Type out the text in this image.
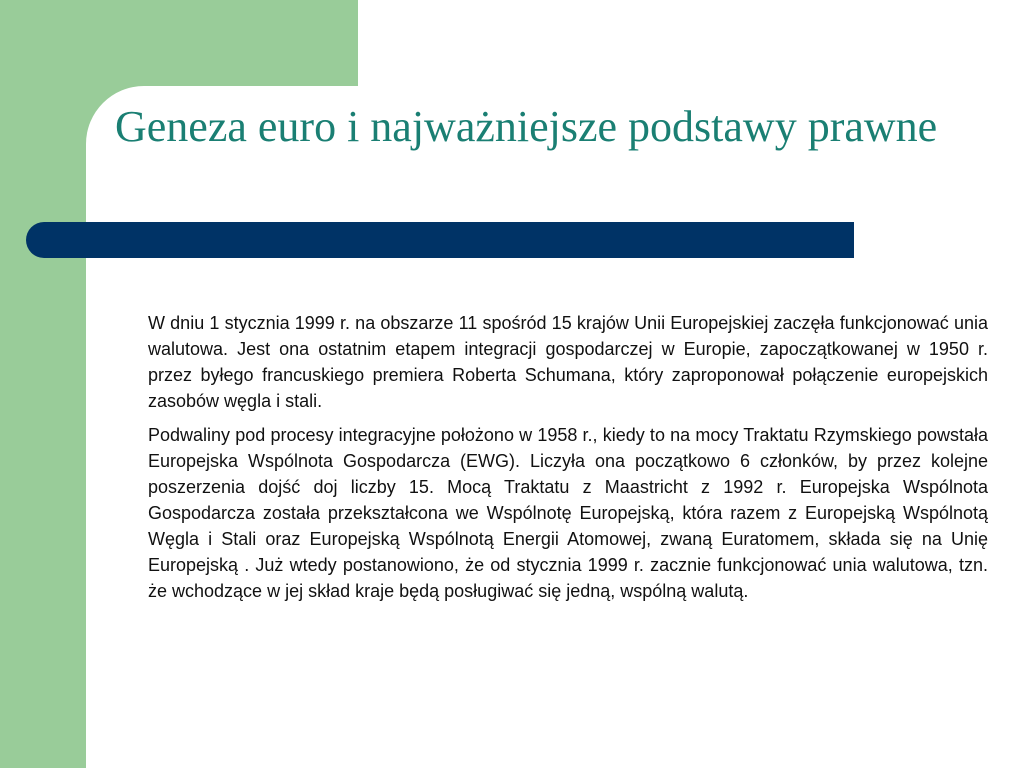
Geneza euro i najważniejsze podstawy prawne

W dniu 1 stycznia 1999 r. na obszarze 11 spośród 15 krajów Unii Europejskiej zaczęła funkcjonować unia walutowa. Jest ona ostatnim etapem integracji gospodarczej w Europie, zapoczątkowanej w 1950 r. przez byłego francuskiego premiera Roberta Schumana, który zaproponował połączenie europejskich zasobów węgla i stali.

Podwaliny pod procesy integracyjne położono w 1958 r., kiedy to na mocy Traktatu Rzymskiego powstała Europejska Wspólnota Gospodarcza (EWG). Liczyła ona początkowo 6 członków, by przez kolejne poszerzenia dojść doj liczby 15. Mocą Traktatu z Maastricht z 1992 r. Europejska Wspólnota Gospodarcza została przekształcona we Wspólnotę Europejską, która razem z Europejską Wspólnotą Węgla i Stali oraz Europejską Wspólnotą Energii Atomowej, zwaną Euratomem, składa się na Unię Europejską . Już wtedy postanowiono, że od stycznia 1999 r. zacznie funkcjonować unia walutowa, tzn. że wchodzące w jej skład kraje będą posługiwać się jedną, wspólną walutą.
